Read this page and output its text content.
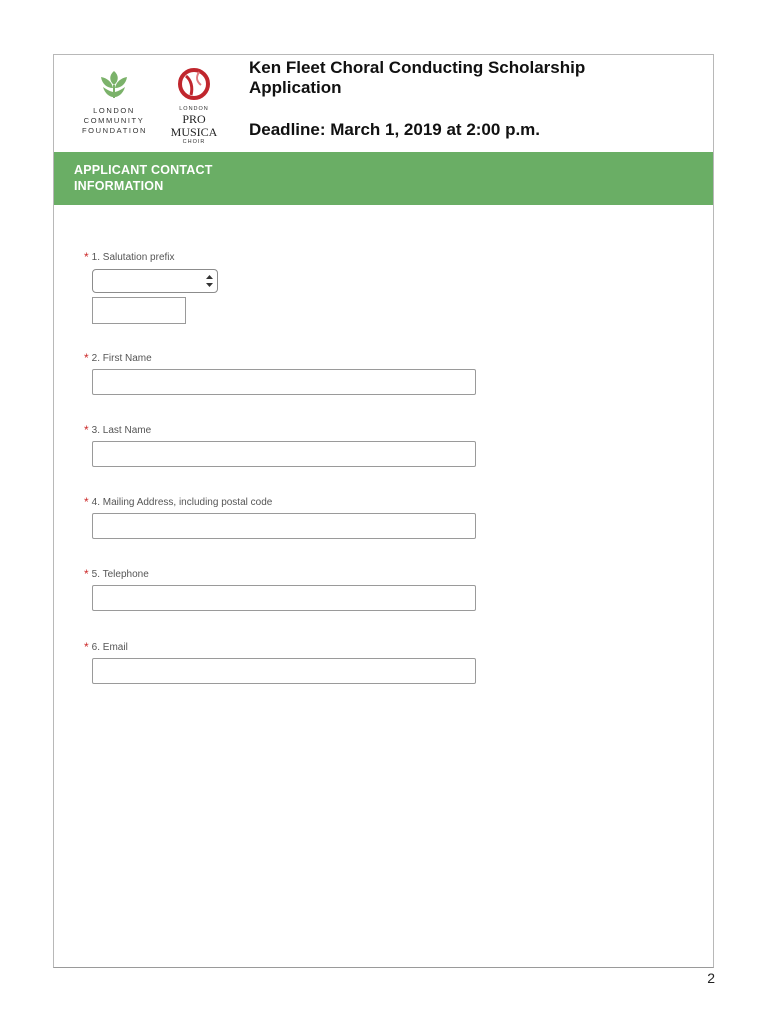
LONDON
COMMUNITY
FOUNDATION
LONDON
PRO MUSICA
CHOIR
Ken Fleet Choral Conducting Scholarship Application
Deadline: March 1, 2019 at 2:00 p.m.
APPLICANT CONTACT INFORMATION
* 1. Salutation prefix
* 2. First Name
* 3. Last Name
* 4. Mailing Address, including postal code
* 5. Telephone
* 6. Email
2
